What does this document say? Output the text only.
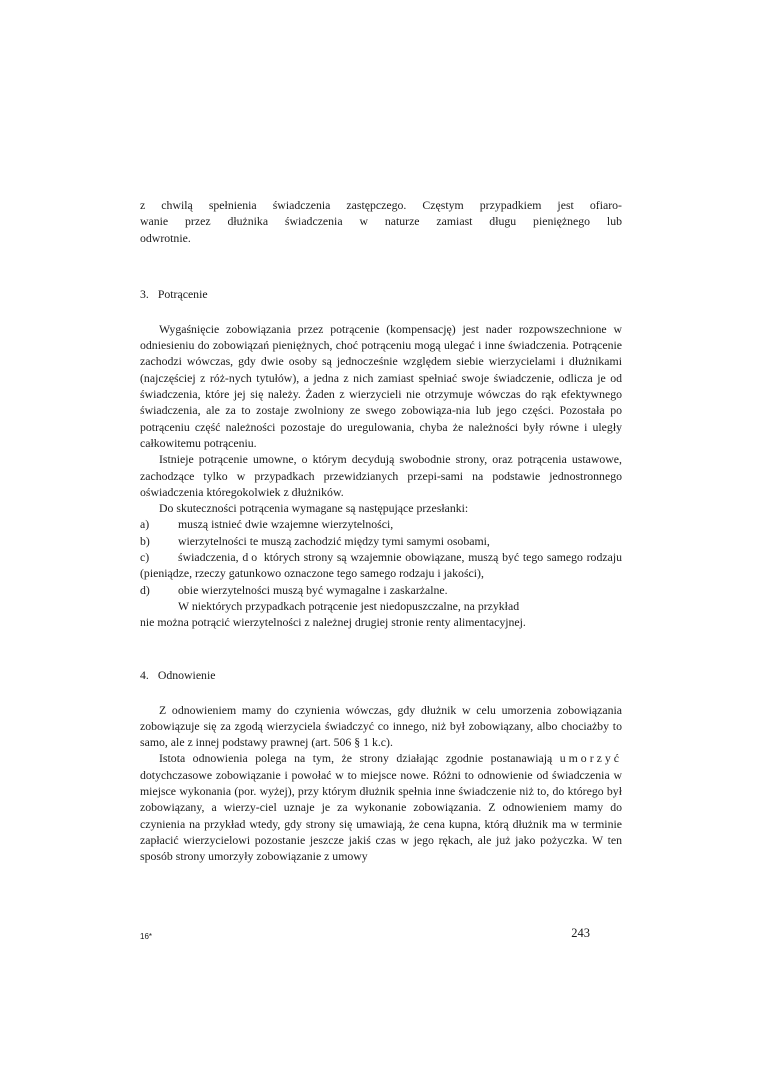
z chwilą spełnienia świadczenia zastępczego. Częstym przypadkiem jest ofiaro-
wanie przez dłużnika świadczenia w naturze zamiast długu pieniężnego lub
odwrotnie.

3. Potrącenie

Wygaśnięcie zobowiązania przez potrącenie (kompensację) jest nader rozpowszechnione w odniesieniu do zobowiązań pieniężnych, choć potrąceniu mogą ulegać i inne świadczenia. Potrącenie zachodzi wówczas, gdy dwie osoby są jednocześnie względem siebie wierzycielami i dłużnikami (najczęściej z róż-nych tytułów), a jedna z nich zamiast spełniać swoje świadczenie, odlicza je od świadczenia, które jej się należy. Żaden z wierzycieli nie otrzymuje wówczas do rąk efektywnego świadczenia, ale za to zostaje zwolniony ze swego zobowiąza-nia lub jego części. Pozostała po potrąceniu część należności pozostaje do uregulowania, chyba że należności były równe i uległy całkowitemu potrąceniu.

Istnieje potrącenie umowne, o którym decydują swobodnie strony, oraz potrącenia ustawowe, zachodzące tylko w przypadkach przewidzianych przepi-sami na podstawie jednostronnego oświadczenia któregokolwiek z dłużników.

Do skuteczności potrącenia wymagane są następujące przesłanki:

a)	muszą istnieć dwie wzajemne wierzytelności,
b)	wierzytelności te muszą zachodzić między tymi samymi osobami,

c) świadczenia, do których strony są wzajemnie obowiązane, muszą być tego samego rodzaju (pieniądze, rzeczy gatunkowo oznaczone tego samego rodzaju i jakości),

d)	obie wierzytelności muszą być wymagalne i zaskarżalne.

W niektórych przypadkach potrącenie jest niedopuszczalne, na przykład

nie można potrącić wierzytelności z należnej drugiej stronie renty alimentacyjnej.

4. Odnowienie

Z odnowieniem mamy do czynienia wówczas, gdy dłużnik w celu umorzenia zobowiązania zobowiązuje się za zgodą wierzyciela świadczyć co innego, niż był zobowiązany, albo chociażby to samo, ale z innej podstawy prawnej (art. 506 § 1 k.c).

Istota odnowienia polega na tym, że strony działając zgodnie postanawiają umorzyć dotychczasowe zobowiązanie i powołać w to miejsce nowe. Różni to odnowienie od świadczenia w miejsce wykonania (por. wyżej), przy którym dłużnik spełnia inne świadczenie niż to, do którego był zobowiązany, a wierzy-ciel uznaje je za wykonanie zobowiązania. Z odnowieniem mamy do czynienia na przykład wtedy, gdy strony się umawiają, że cena kupna, którą dłużnik ma w terminie zapłacić wierzycielowi pozostanie jeszcze jakiś czas w jego rękach, ale już jako pożyczka. W ten sposób strony umorzyły zobowiązanie z umowy

16*	243
